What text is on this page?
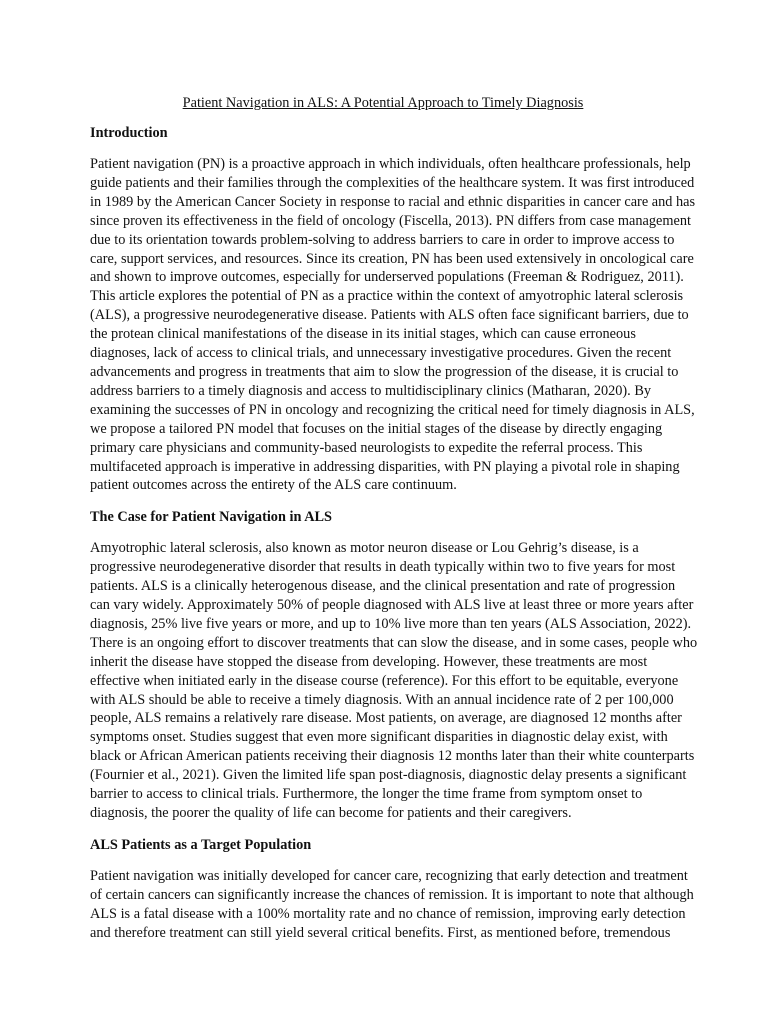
Patient Navigation in ALS: A Potential Approach to Timely Diagnosis
Introduction
Patient navigation (PN) is a proactive approach in which individuals, often healthcare professionals, help
guide patients and their families through the complexities of the healthcare system. It was first introduced
in 1989 by the American Cancer Society in response to racial and ethnic disparities in cancer care and has
since proven its effectiveness in the field of oncology (Fiscella, 2013). PN differs from case management
due to its orientation towards problem-solving to address barriers to care in order to improve access to
care, support services, and resources. Since its creation, PN has been used extensively in oncological care
and shown to improve outcomes, especially for underserved populations (Freeman & Rodriguez, 2011).
This article explores the potential of PN as a practice within the context of amyotrophic lateral sclerosis
(ALS), a progressive neurodegenerative disease. Patients with ALS often face significant barriers, due to
the protean clinical manifestations of the disease in its initial stages, which can cause erroneous
diagnoses, lack of access to clinical trials, and unnecessary investigative procedures. Given the recent
advancements and progress in treatments that aim to slow the progression of the disease, it is crucial to
address barriers to a timely diagnosis and access to multidisciplinary clinics (Matharan, 2020). By
examining the successes of PN in oncology and recognizing the critical need for timely diagnosis in ALS,
we propose a tailored PN model that focuses on the initial stages of the disease by directly engaging
primary care physicians and community-based neurologists to expedite the referral process. This
multifaceted approach is imperative in addressing disparities, with PN playing a pivotal role in shaping
patient outcomes across the entirety of the ALS care continuum.
The Case for Patient Navigation in ALS
Amyotrophic lateral sclerosis, also known as motor neuron disease or Lou Gehrig’s disease, is a
progressive neurodegenerative disorder that results in death typically within two to five years for most
patients. ALS is a clinically heterogenous disease, and the clinical presentation and rate of progression
can vary widely. Approximately 50% of people diagnosed with ALS live at least three or more years after
diagnosis, 25% live five years or more, and up to 10% live more than ten years (ALS Association, 2022).
There is an ongoing effort to discover treatments that can slow the disease, and in some cases, people who
inherit the disease have stopped the disease from developing. However, these treatments are most
effective when initiated early in the disease course (reference). For this effort to be equitable, everyone
with ALS should be able to receive a timely diagnosis. With an annual incidence rate of 2 per 100,000
people, ALS remains a relatively rare disease. Most patients, on average, are diagnosed 12 months after
symptoms onset. Studies suggest that even more significant disparities in diagnostic delay exist, with
black or African American patients receiving their diagnosis 12 months later than their white counterparts
(Fournier et al., 2021). Given the limited life span post-diagnosis, diagnostic delay presents a significant
barrier to access to clinical trials. Furthermore, the longer the time frame from symptom onset to
diagnosis, the poorer the quality of life can become for patients and their caregivers.
ALS Patients as a Target Population
Patient navigation was initially developed for cancer care, recognizing that early detection and treatment
of certain cancers can significantly increase the chances of remission. It is important to note that although
ALS is a fatal disease with a 100% mortality rate and no chance of remission, improving early detection
and therefore treatment can still yield several critical benefits. First, as mentioned before, tremendous
